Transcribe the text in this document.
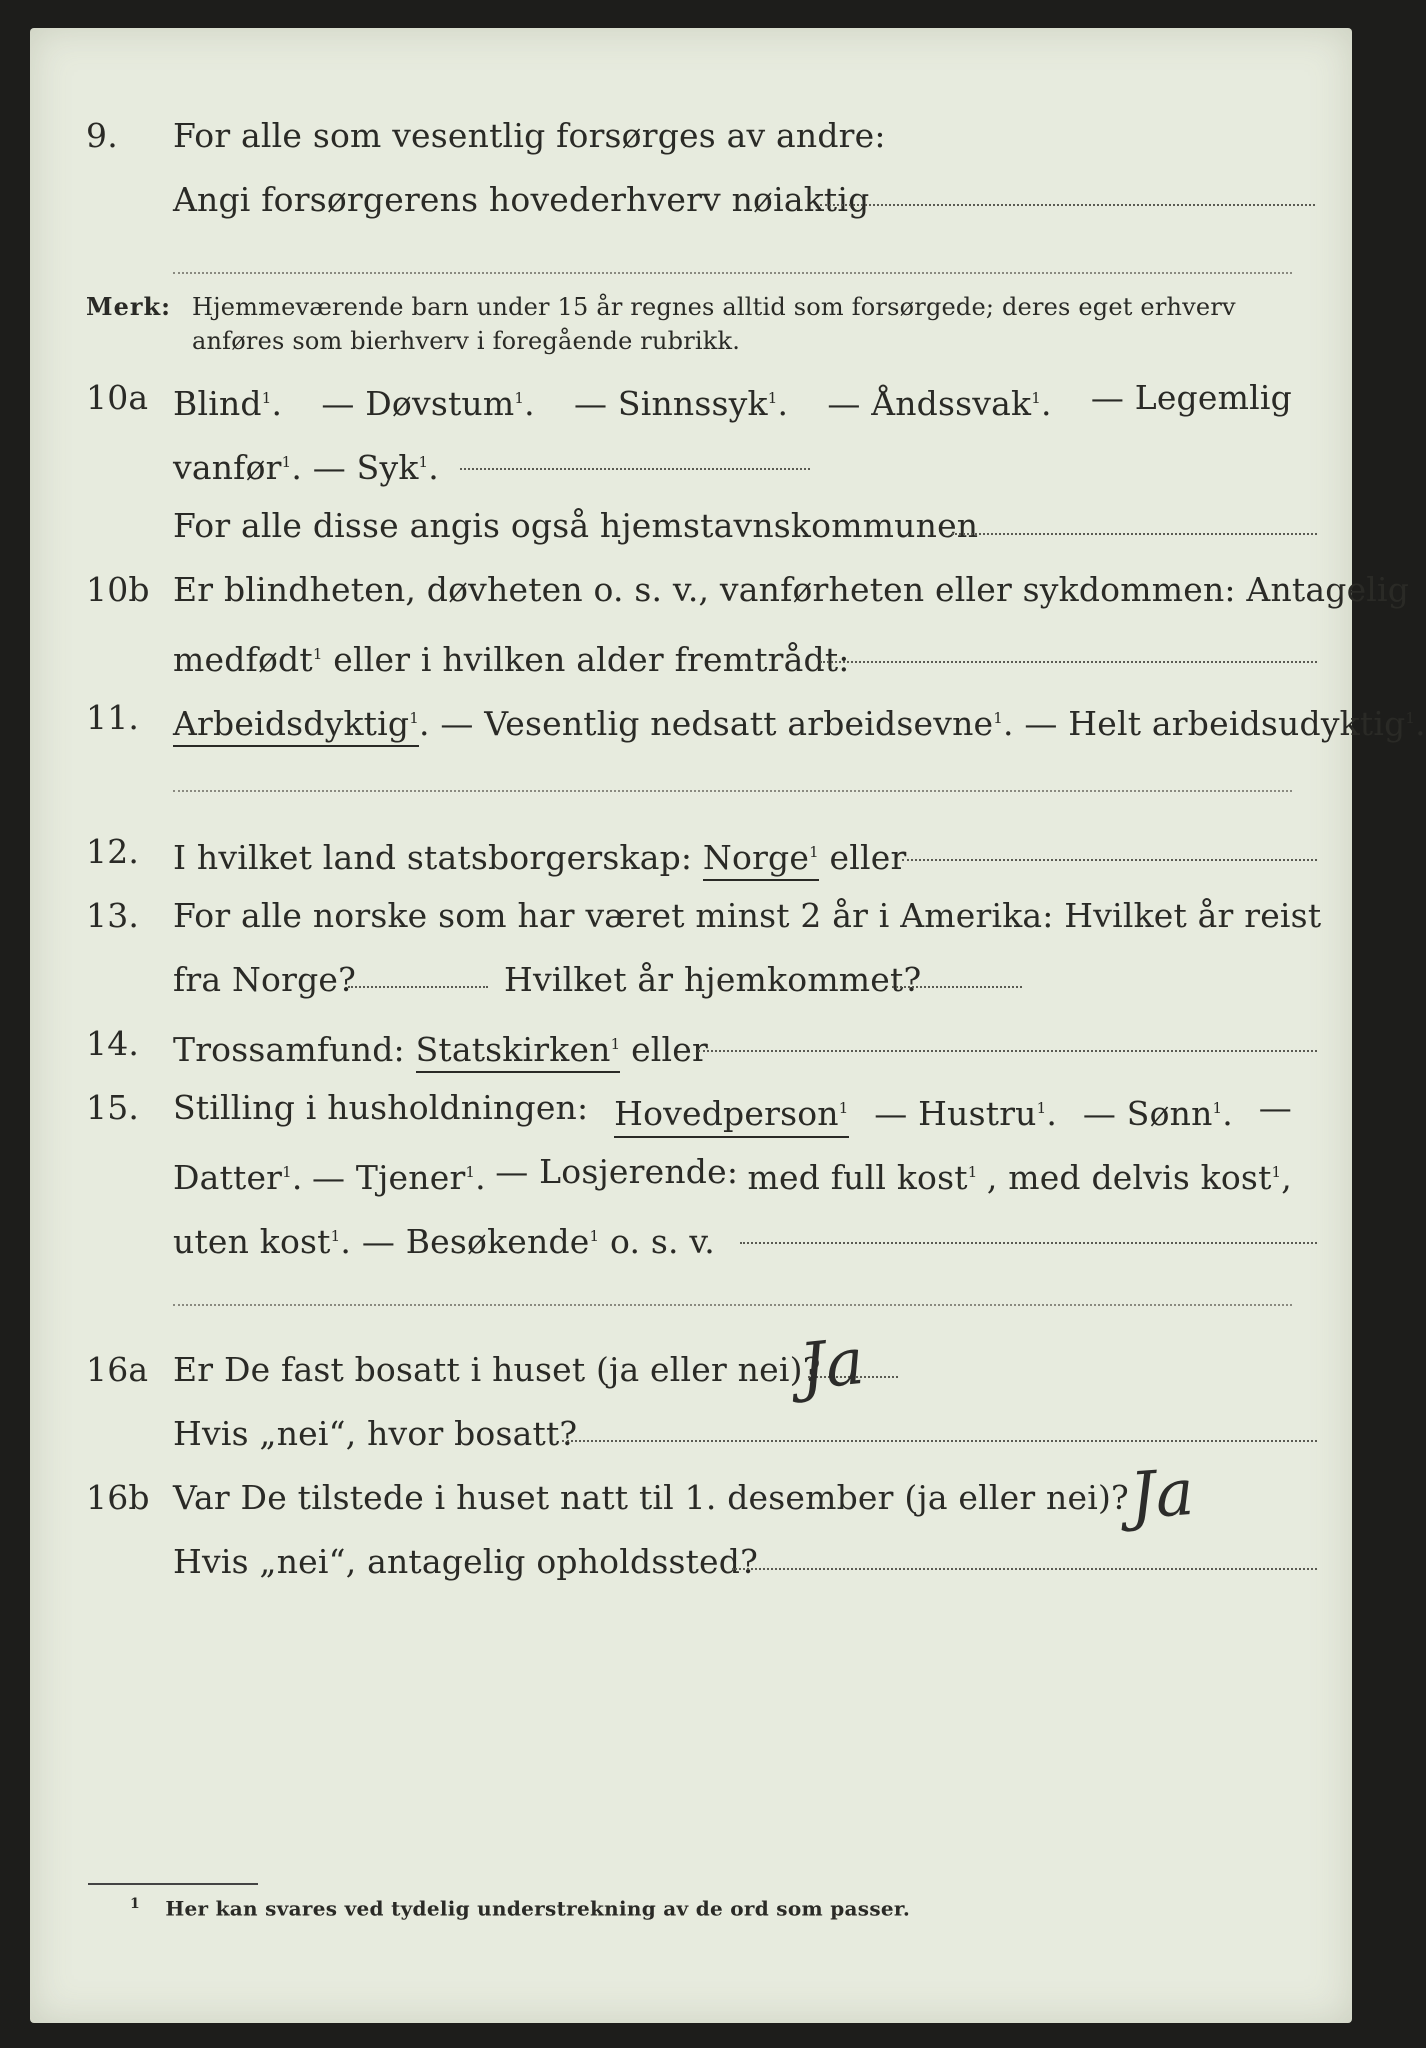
9. For alle som vesentlig forsørges av andre:
Angi forsørgerens hovederhverv nøiaktig
Merk: Hjemmeværende barn under 15 år regnes alltid som forsørgede; deres eget erhverv
anføres som bierhverv i foregående rubrikk.
10a Blind$^1$. — Døvstum$^1$. — Sinnssyk$^1$. — Åndssvak$^1$. — Legemlig
vanfør$^1$. — Syk$^1$.
For alle disse angis også hjemstavnskommunen
10b Er blindheten, døvheten o. s. v., vanførheten eller sykdommen: Antagelig
medfødt$^1$ eller i hvilken alder fremtrådt:
11. Arbeidsdyktig$^1$. — Vesentlig nedsatt arbeidsevne$^1$. — Helt arbeidsudyktig$^1$.
12. I hvilket land statsborgerskap: Norge$^1$ eller
13. For alle norske som har været minst 2 år i Amerika: Hvilket år reist
fra Norge?	Hvilket år hjemkommet?
14. Trossamfund: Statskirken$^1$ eller
15. Stilling i husholdningen: Hovedperson$^1$ — Hustru$^1$. — Sønn$^1$. —
Datter$^1$. — Tjener$^1$. — Losjerende: med full kost$^1$ , med delvis kost$^1$,
uten kost$^1$. — Besøkende$^1$ o. s. v.
16a Er De fast bosatt i huset (ja eller nei)?
Ja
Hvis „nei“, hvor bosatt?
16b Var De tilstede i huset natt til 1. desember (ja eller nei)?
Ja
Hvis „nei“, antagelig opholdssted?
$^1$ Her kan svares ved tydelig understrekning av de ord som passer.
